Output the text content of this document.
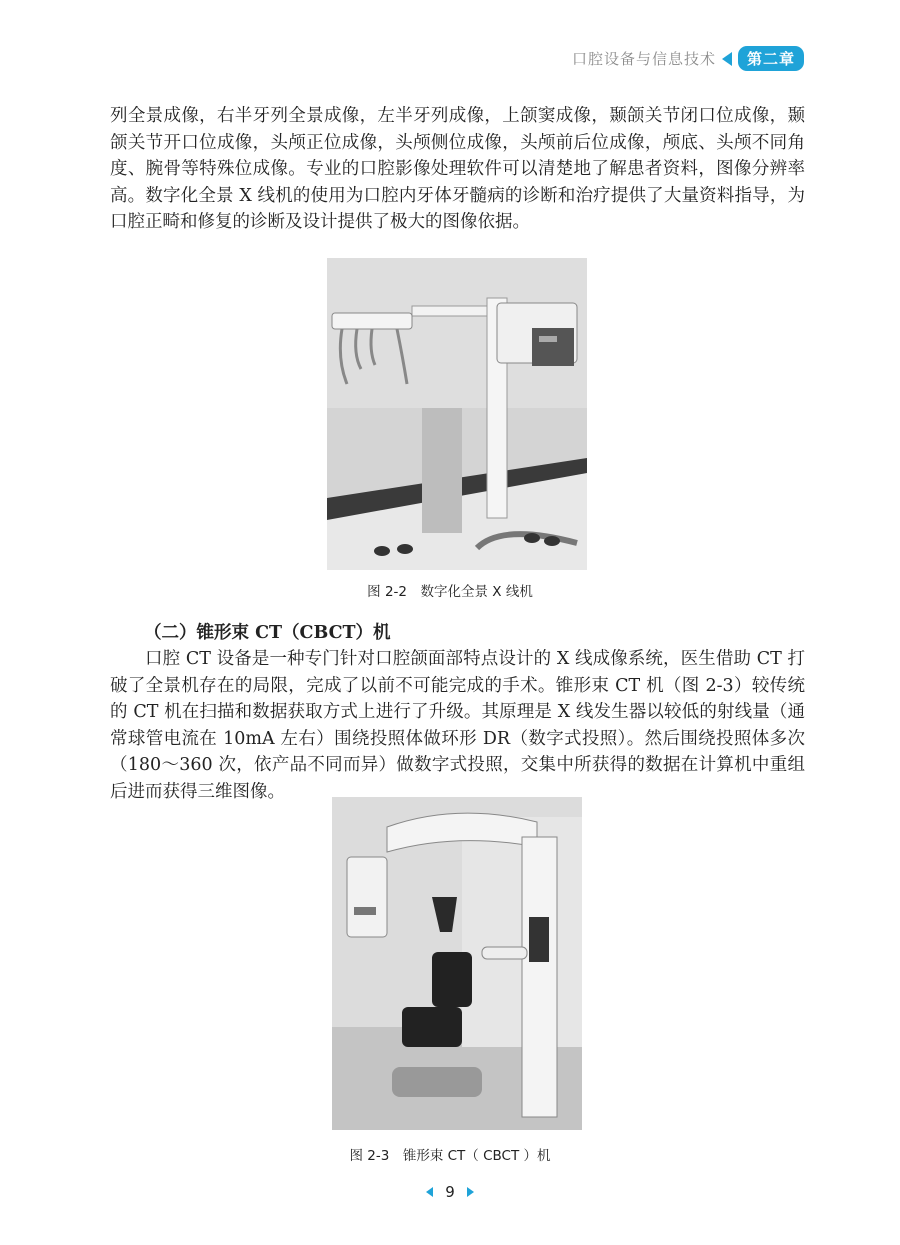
口腔设备与信息技术	第二章

列全景成像，右半牙列全景成像，左半牙列成像，上颌窦成像，颞颌关节闭口位成像，颞颌关节开口位成像，头颅正位成像，头颅侧位成像，头颅前后位成像，颅底、头颅不同角度、腕骨等特殊位成像。专业的口腔影像处理软件可以清楚地了解患者资料，图像分辨率高。数字化全景 X 线机的使用为口腔内牙体牙髓病的诊断和治疗提供了大量资料指导，为口腔正畸和修复的诊断及设计提供了极大的图像依据。

图 2-2　数字化全景 X 线机

（二）锥形束 CT（CBCT）机

口腔 CT 设备是一种专门针对口腔颌面部特点设计的 X 线成像系统，医生借助 CT 打破了全景机存在的局限，完成了以前不可能完成的手术。锥形束 CT 机（图 2-3）较传统的 CT 机在扫描和数据获取方式上进行了升级。其原理是 X 线发生器以较低的射线量（通常球管电流在 10mA 左右）围绕投照体做环形 DR（数字式投照）。然后围绕投照体多次（180～360 次，依产品不同而异）做数字式投照，交集中所获得的数据在计算机中重组后进而获得三维图像。

图 2-3　锥形束 CT（ CBCT ）机

9
